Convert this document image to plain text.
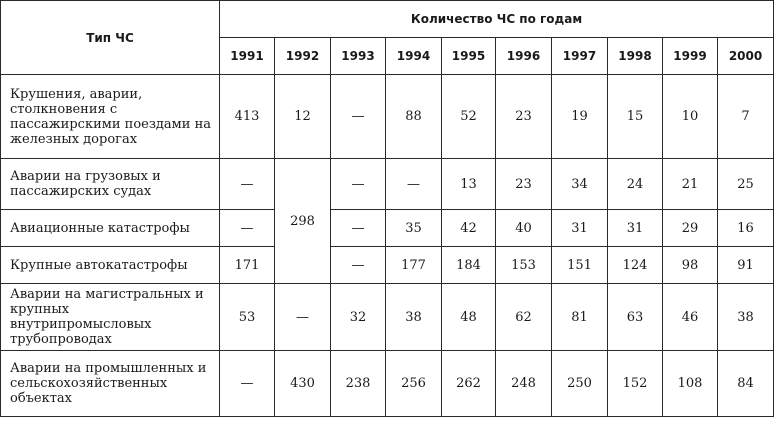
Тип ЧС	Количество ЧС по годам									
	1991	1992	1993	1994	1995	1996	1997	1998	1999	2000
Крушения, аварии, столкновения с пассажирскими поездами на железных дорогах	413	12	—	88	52	23	19	15	10	7
Аварии на грузовых и пассажирских судах	—	298	—	—	13	23	34	24	21	25
Авиационные катастрофы	—		—	35	42	40	31	31	29	16
Крупные автокатастрофы	171		—	177	184	153	151	124	98	91
Аварии на магистральных и крупных внутрипромысловых трубопроводах	53	—	32	38	48	62	81	63	46	38
Аварии на промышленных и сельскохозяйственных объектах	—	430	238	256	262	248	250	152	108	84
